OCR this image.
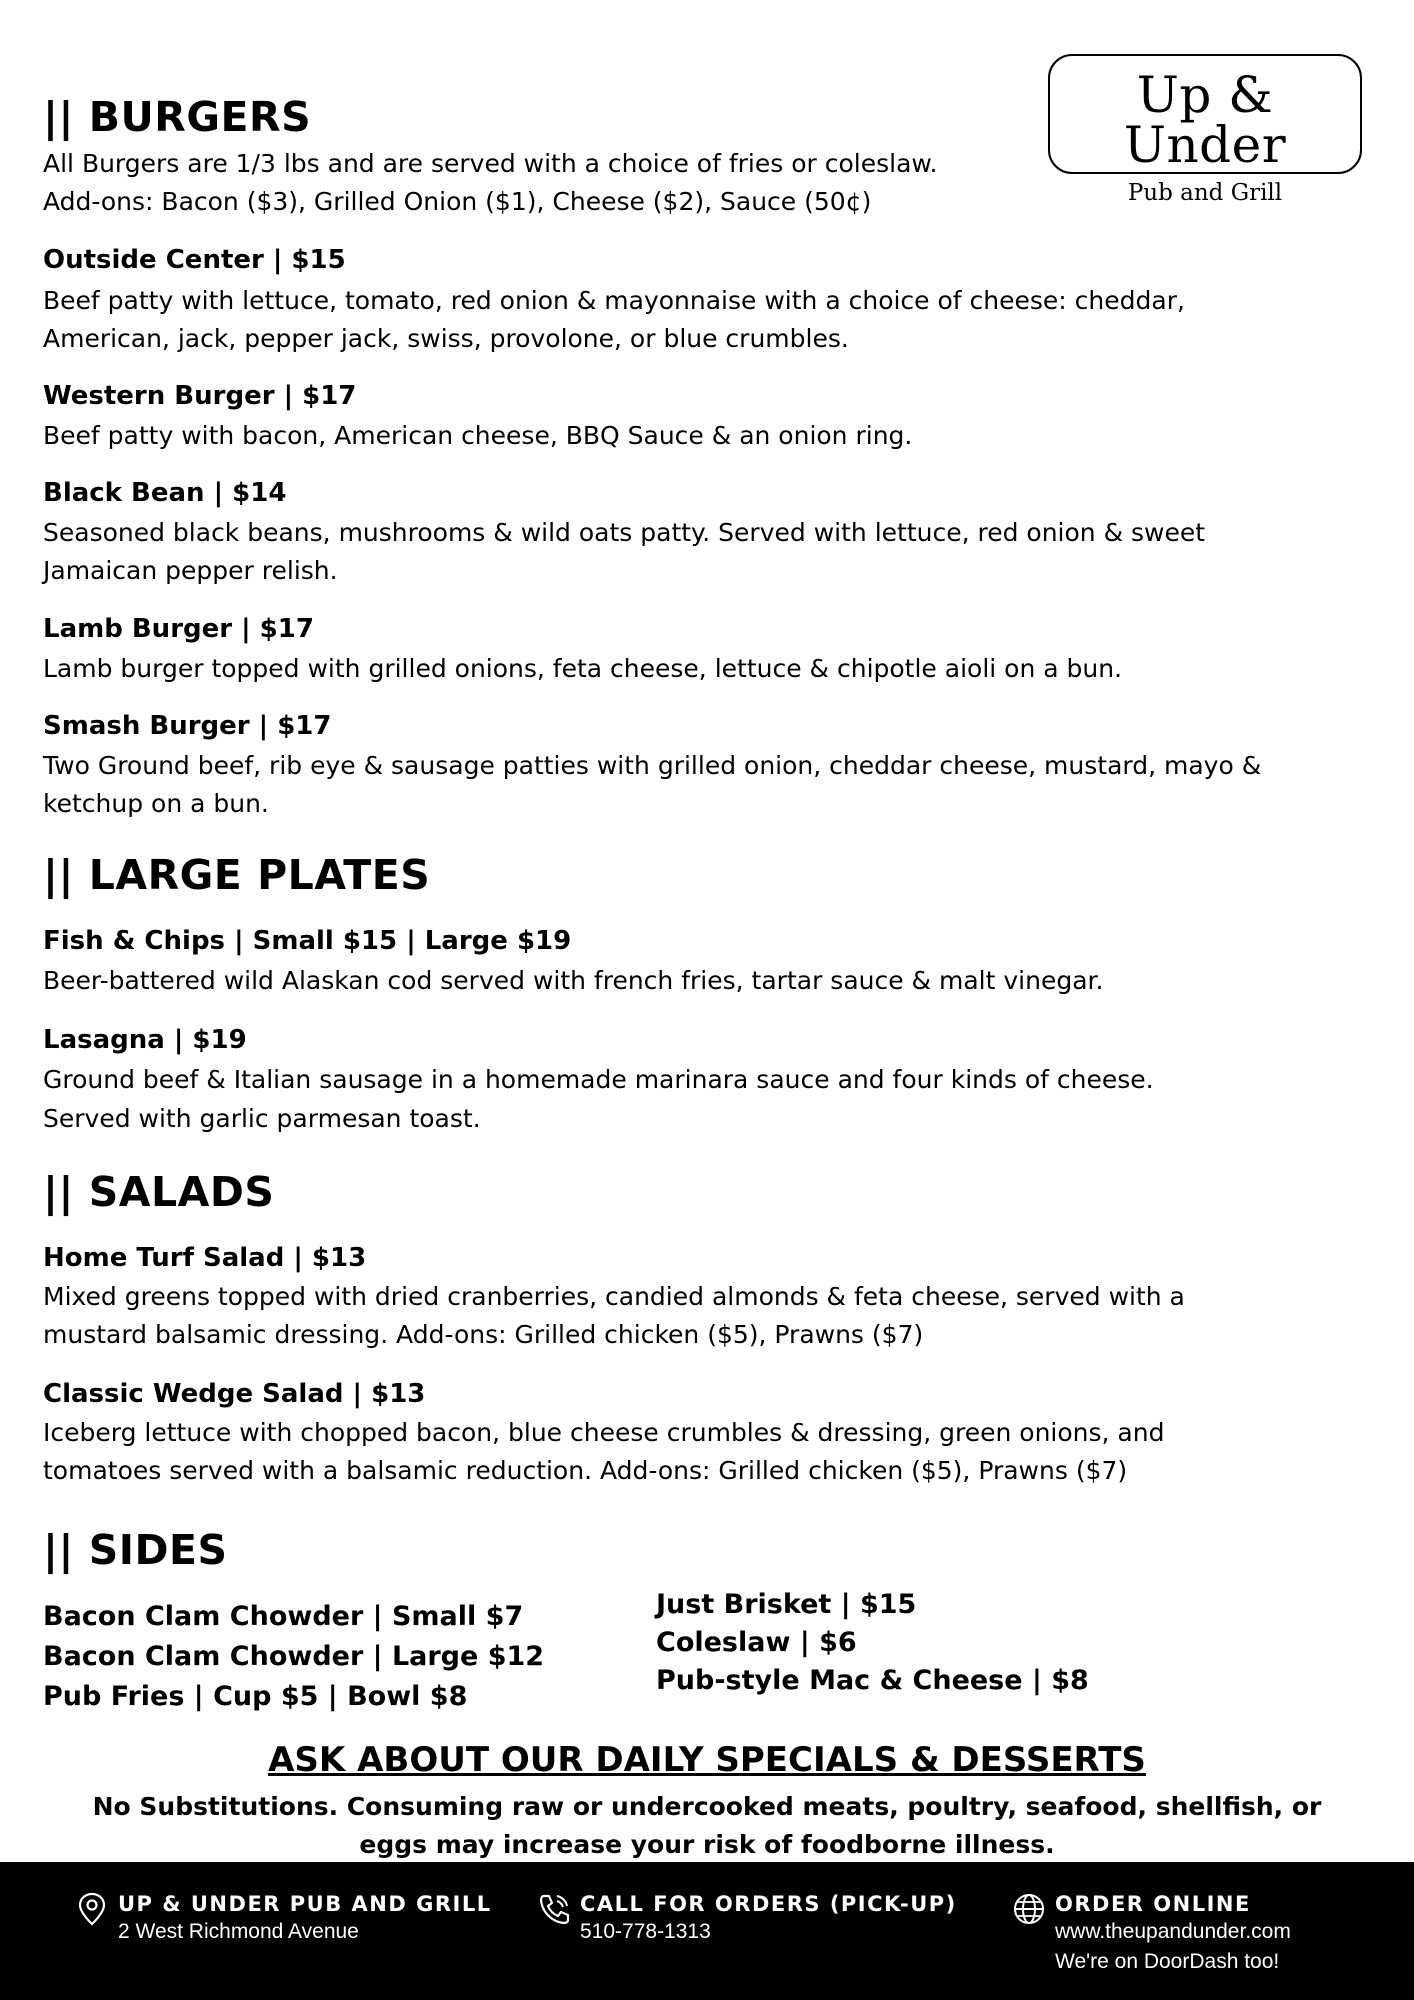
Up & Under
Pub and Grill
|| BURGERS
All Burgers are 1/3 lbs and are served with a choice of fries or coleslaw.
Add-ons: Bacon ($3), Grilled Onion ($1), Cheese ($2), Sauce (50¢)
Outside Center | $15
Beef patty with lettuce, tomato, red onion & mayonnaise with a choice of cheese: cheddar,
American, jack, pepper jack, swiss, provolone, or blue crumbles.
Western Burger | $17
Beef patty with bacon, American cheese, BBQ Sauce & an onion ring.
Black Bean | $14
Seasoned black beans, mushrooms & wild oats patty. Served with lettuce, red onion & sweet
Jamaican pepper relish.
Lamb Burger | $17
Lamb burger topped with grilled onions, feta cheese, lettuce & chipotle aioli on a bun.
Smash Burger | $17
Two Ground beef, rib eye & sausage patties with grilled onion, cheddar cheese, mustard, mayo &
ketchup on a bun.
|| LARGE PLATES
Fish & Chips | Small $15 | Large $19
Beer-battered wild Alaskan cod served with french fries, tartar sauce & malt vinegar.
Lasagna | $19
Ground beef & Italian sausage in a homemade marinara sauce and four kinds of cheese.
Served with garlic parmesan toast.
|| SALADS
Home Turf Salad | $13
Mixed greens topped with dried cranberries, candied almonds & feta cheese, served with a
mustard balsamic dressing. Add-ons: Grilled chicken ($5), Prawns ($7)
Classic Wedge Salad | $13
Iceberg lettuce with chopped bacon, blue cheese crumbles & dressing, green onions, and
tomatoes served with a balsamic reduction. Add-ons: Grilled chicken ($5), Prawns ($7)
|| SIDES
Bacon Clam Chowder | Small $7
Bacon Clam Chowder | Large $12
Pub Fries | Cup $5 | Bowl $8
Just Brisket | $15
Coleslaw | $6
Pub-style Mac & Cheese | $8
ASK ABOUT OUR DAILY SPECIALS & DESSERTS
No Substitutions. Consuming raw or undercooked meats, poultry, seafood, shellfish, or eggs may increase your risk of foodborne illness.
UP & UNDER PUB AND GRILL
2 West Richmond Avenue
CALL FOR ORDERS (PICK-UP)
510-778-1313
ORDER ONLINE
www.theupandunder.com
We're on DoorDash too!
